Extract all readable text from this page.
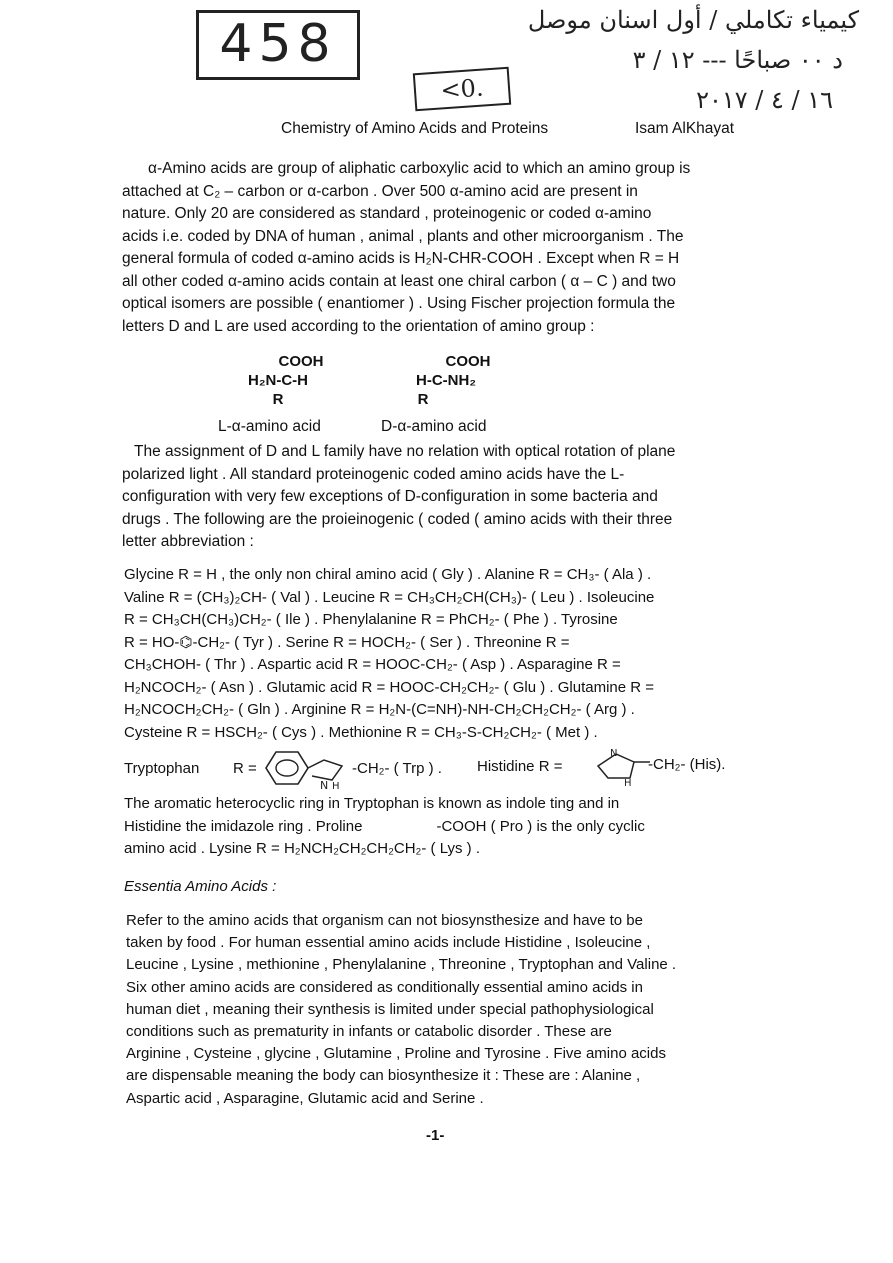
458
<0.
كيمياء تكاملي / أول اسنان موصل
د ٠٠ صباحًا --- ١٢ / ٣
١٦ / ٤ / ٢٠١٧
Chemistry of Amino Acids and Proteins	Isam AlKhayat
α-Amino acids are group of aliphatic carboxylic acid to which an amino group is
attached at C₂ – carbon or α-carbon . Over 500 α-amino acid are present in
nature. Only 20 are considered as standard , proteinogenic or coded α-amino
acids i.e. coded by DNA of human , animal , plants and other microorganism . The
general formula of coded α-amino acids is H₂N-CHR-COOH . Except when R = H
all other coded α-amino acids contain at least one chiral carbon ( α – C ) and two
optical isomers are possible ( enantiomer ) . Using Fischer projection formula the
letters D and L are used according to the orientation of amino group :
COOH
H₂N-C-H
R
COOH
H-C-NH₂
R
L-α-amino acid	D-α-amino acid
The assignment of D and L family have no relation with optical rotation of plane
polarized light . All standard proteinogenic coded amino acids have the L-
configuration with very few exceptions of D-configuration in some bacteria and
drugs . The following are the proieinogenic ( coded ( amino acids with their three
letter abbreviation :
Glycine R = H , the only non chiral amino acid ( Gly ) . Alanine R = CH₃- ( Ala ) .
Valine R = (CH₃)₂CH- ( Val ) . Leucine R = CH₃CH₂CH(CH₃)- ( Leu ) . Isoleucine
R = CH₃CH(CH₃)CH₂- ( Ile ) . Phenylalanine R = PhCH₂- ( Phe ) . Tyrosine
R = HO-⌬-CH₂- ( Tyr ) . Serine R = HOCH₂- ( Ser ) . Threonine R =
CH₃CHOH- ( Thr ) . Aspartic acid R = HOOC-CH₂- ( Asp ) . Asparagine R =
H₂NCOCH₂- ( Asn ) . Glutamic acid R = HOOC-CH₂CH₂- ( Glu ) . Glutamine R =
H₂NCOCH₂CH₂- ( Gln ) . Arginine R = H₂N-(C=NH)-NH-CH₂CH₂CH₂- ( Arg ) .
Cysteine R = HSCH₂- ( Cys ) . Methionine R = CH₃-S-CH₂CH₂- ( Met ) .
Tryptophan R =
N H
-CH₂- ( Trp ) . Histidine R =
N
H
-CH₂- (His).
The aromatic heterocyclic ring in Tryptophan is known as indole ting and in
Histidine the imidazole ring . Proline	-COOH ( Pro ) is the only cyclic
amino acid . Lysine R = H₂NCH₂CH₂CH₂CH₂- ( Lys ) .
Essentia Amino Acids :
Refer to the amino acids that organism can not biosynsthesize and have to be
taken by food . For human essential amino acids include Histidine , Isoleucine ,
Leucine , Lysine , methionine , Phenylalanine , Threonine , Tryptophan and Valine .
Six other amino acids are considered as conditionally essential amino acids in
human diet , meaning their synthesis is limited under special pathophysiological
conditions such as prematurity in infants or catabolic disorder . These are
Arginine , Cysteine , glycine , Glutamine , Proline and Tyrosine . Five amino acids
are dispensable meaning the body can biosynthesize it : These are : Alanine ,
Aspartic acid , Asparagine, Glutamic acid and Serine .
-1-
